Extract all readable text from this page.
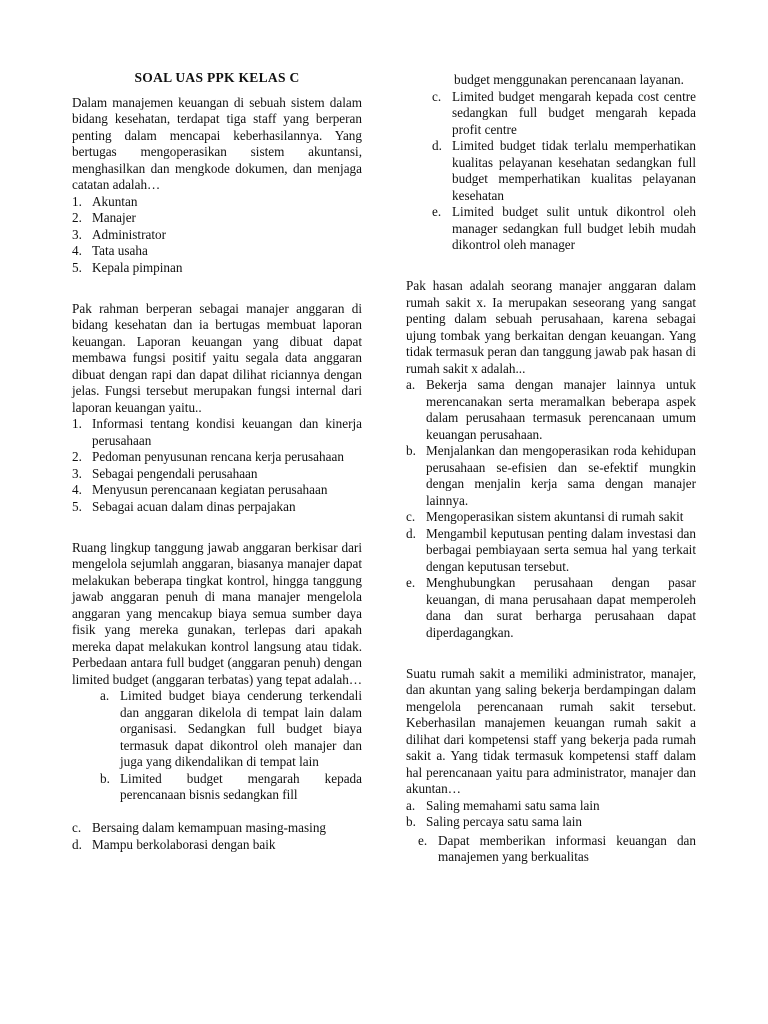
SOAL UAS PPK KELAS C

Dalam manajemen keuangan di sebuah sistem dalam bidang kesehatan, terdapat tiga staff yang berperan penting dalam mencapai keberhasilannya. Yang bertugas mengoperasikan sistem akuntansi, menghasilkan dan mengkode dokumen, dan menjaga catatan adalah…

1. Akuntan
2. Manajer
3. Administrator
4. Tata usaha
5. Kepala pimpinan

Pak rahman berperan sebagai manajer anggaran di bidang kesehatan dan ia bertugas membuat laporan keuangan. Laporan keuangan yang dibuat dapat membawa fungsi positif yaitu segala data anggaran dibuat dengan rapi dan dapat dilihat riciannya dengan jelas. Fungsi tersebut merupakan fungsi internal dari laporan keuangan yaitu..

1. Informasi tentang kondisi keuangan dan kinerja perusahaan
2. Pedoman penyusunan rencana kerja perusahaan
3. Sebagai pengendali perusahaan
4. Menyusun perencanaan kegiatan perusahaan
5. Sebagai acuan dalam dinas perpajakan

Ruang lingkup tanggung jawab anggaran berkisar dari mengelola sejumlah anggaran, biasanya manajer dapat melakukan beberapa tingkat kontrol, hingga tanggung jawab anggaran penuh di mana manajer mengelola anggaran yang mencakup biaya semua sumber daya fisik yang mereka gunakan, terlepas dari apakah mereka dapat melakukan kontrol langsung atau tidak. Perbedaan antara full budget (anggaran penuh) dengan limited budget (anggaran terbatas) yang tepat adalah…

a. Limited budget biaya cenderung terkendali dan anggaran dikelola di tempat lain dalam organisasi. Sedangkan full budget biaya termasuk dapat dikontrol oleh manajer dan juga yang dikendalikan di tempat lain
b. Limited budget mengarah kepada perencanaan bisnis sedangkan fill
c. Bersaing dalam kemampuan masing-masing
d. Mampu berkolaborasi dengan baik
budget menggunakan perencanaan layanan.
c. Limited budget mengarah kepada cost centre sedangkan full budget mengarah kepada profit centre
d. Limited budget tidak terlalu memperhatikan kualitas pelayanan kesehatan sedangkan full budget memperhatikan kualitas pelayanan kesehatan
e. Limited budget sulit untuk dikontrol oleh manager sedangkan full budget lebih mudah dikontrol oleh manager

Pak hasan adalah seorang manajer anggaran dalam rumah sakit x. Ia merupakan seseorang yang sangat penting dalam sebuah perusahaan, karena sebagai ujung tombak yang berkaitan dengan keuangan. Yang tidak termasuk peran dan tanggung jawab pak hasan di rumah sakit x adalah...

a. Bekerja sama dengan manajer lainnya untuk merencanakan serta meramalkan beberapa aspek dalam perusahaan termasuk perencanaan umum keuangan perusahaan.
b. Menjalankan dan mengoperasikan roda kehidupan perusahaan se-efisien dan se-efektif mungkin dengan menjalin kerja sama dengan manajer lainnya.
c. Mengoperasikan sistem akuntansi di rumah sakit
d. Mengambil keputusan penting dalam investasi dan berbagai pembiayaan serta semua hal yang terkait dengan keputusan tersebut.
e. Menghubungkan perusahaan dengan pasar keuangan, di mana perusahaan dapat memperoleh dana dan surat berharga perusahaan dapat diperdagangkan.

Suatu rumah sakit a memiliki administrator, manajer, dan akuntan yang saling bekerja berdampingan dalam mengelola perencanaan rumah sakit tersebut. Keberhasilan manajemen keuangan rumah sakit a dilihat dari kompetensi staff yang bekerja pada rumah sakit a. Yang tidak termasuk kompetensi staff dalam hal perencanaan yaitu para administrator, manajer dan akuntan…

a. Saling memahami satu sama lain
b. Saling percaya satu sama lain
e. Dapat memberikan informasi keuangan dan manajemen yang berkualitas
